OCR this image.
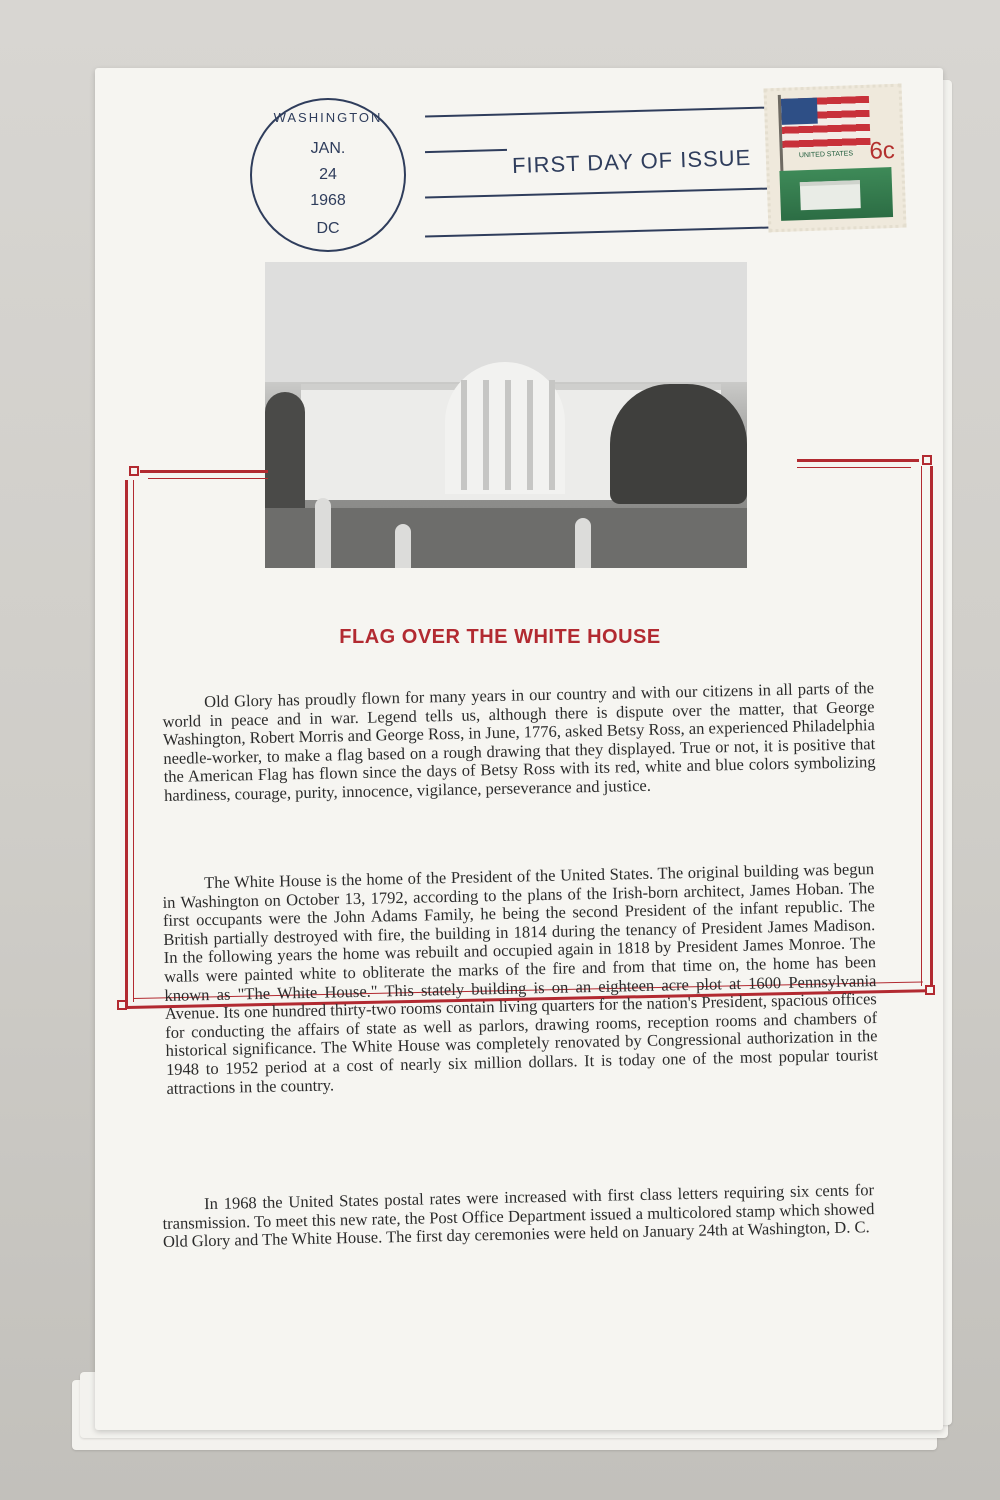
WASHINGTON
JAN.
24
1968
DC
FIRST DAY OF ISSUE	UNITED STATES 6c
FLAG OVER THE WHITE HOUSE

Old Glory has proudly flown for many years in our country and with our citizens in all parts of the world in peace and in war. Legend tells us, although there is dispute over the matter, that George Washington, Robert Morris and George Ross, in June, 1776, asked Betsy Ross, an experienced Philadelphia needle-worker, to make a flag based on a rough drawing that they displayed. True or not, it is positive that the American Flag has flown since the days of Betsy Ross with its red, white and blue colors symbolizing hardiness, courage, purity, innocence, vigilance, perseverance and justice.

The White House is the home of the President of the United States. The original building was begun in Washington on October 13, 1792, according to the plans of the Irish-born architect, James Hoban. The first occupants were the John Adams Family, he being the second President of the infant republic. The British partially destroyed with fire, the building in 1814 during the tenancy of President James Madison. In the following years the home was rebuilt and occupied again in 1818 by President James Monroe. The walls were painted white to obliterate the marks of the fire and from that time on, the home has been known as "The White House." This stately building is on an eighteen acre plot at 1600 Pennsylvania Avenue. Its one hundred thirty-two rooms contain living quarters for the nation's President, spacious offices for conducting the affairs of state as well as parlors, drawing rooms, reception rooms and chambers of historical significance. The White House was completely renovated by Congressional authorization in the 1948 to 1952 period at a cost of nearly six million dollars. It is today one of the most popular tourist attractions in the country.

In 1968 the United States postal rates were increased with first class letters requiring six cents for transmission. To meet this new rate, the Post Office Department issued a multicolored stamp which showed Old Glory and The White House. The first day ceremonies were held on January 24th at Washington, D. C.
